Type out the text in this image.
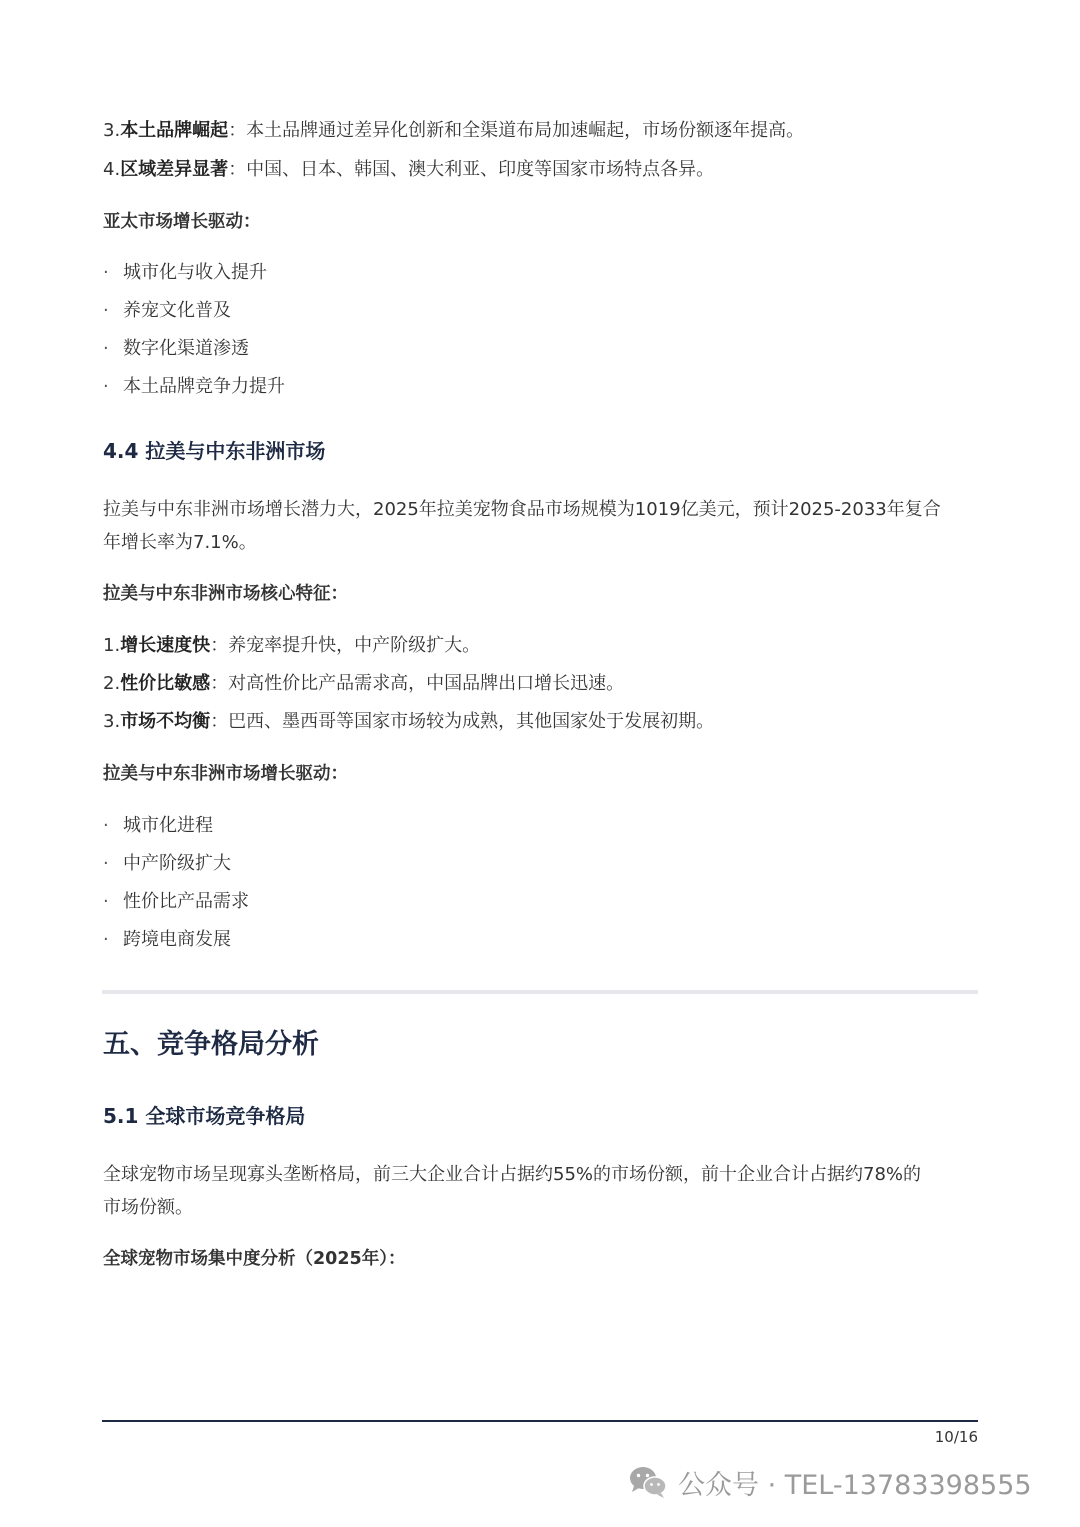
3.本土品牌崛起：本土品牌通过差异化创新和全渠道布局加速崛起，市场份额逐年提高。
4.区域差异显著：中国、日本、韩国、澳大利亚、印度等国家市场特点各异。
亚太市场增长驱动：
· 城市化与收入提升
· 养宠文化普及
· 数字化渠道渗透
· 本土品牌竞争力提升
4.4 拉美与中东非洲市场
拉美与中东非洲市场增长潜力大，2025年拉美宠物食品市场规模为1019亿美元，预计2025-2033年复合
年增长率为7.1%。
拉美与中东非洲市场核心特征：
1.增长速度快：养宠率提升快，中产阶级扩大。
2.性价比敏感：对高性价比产品需求高，中国品牌出口增长迅速。
3.市场不均衡：巴西、墨西哥等国家市场较为成熟，其他国家处于发展初期。
拉美与中东非洲市场增长驱动：
· 城市化进程
· 中产阶级扩大
· 性价比产品需求
· 跨境电商发展
五、竞争格局分析
5.1 全球市场竞争格局
全球宠物市场呈现寡头垄断格局，前三大企业合计占据约55%的市场份额，前十企业合计占据约78%的
市场份额。
全球宠物市场集中度分析（2025年）：
10/16
公众号 · TEL-13783398555
